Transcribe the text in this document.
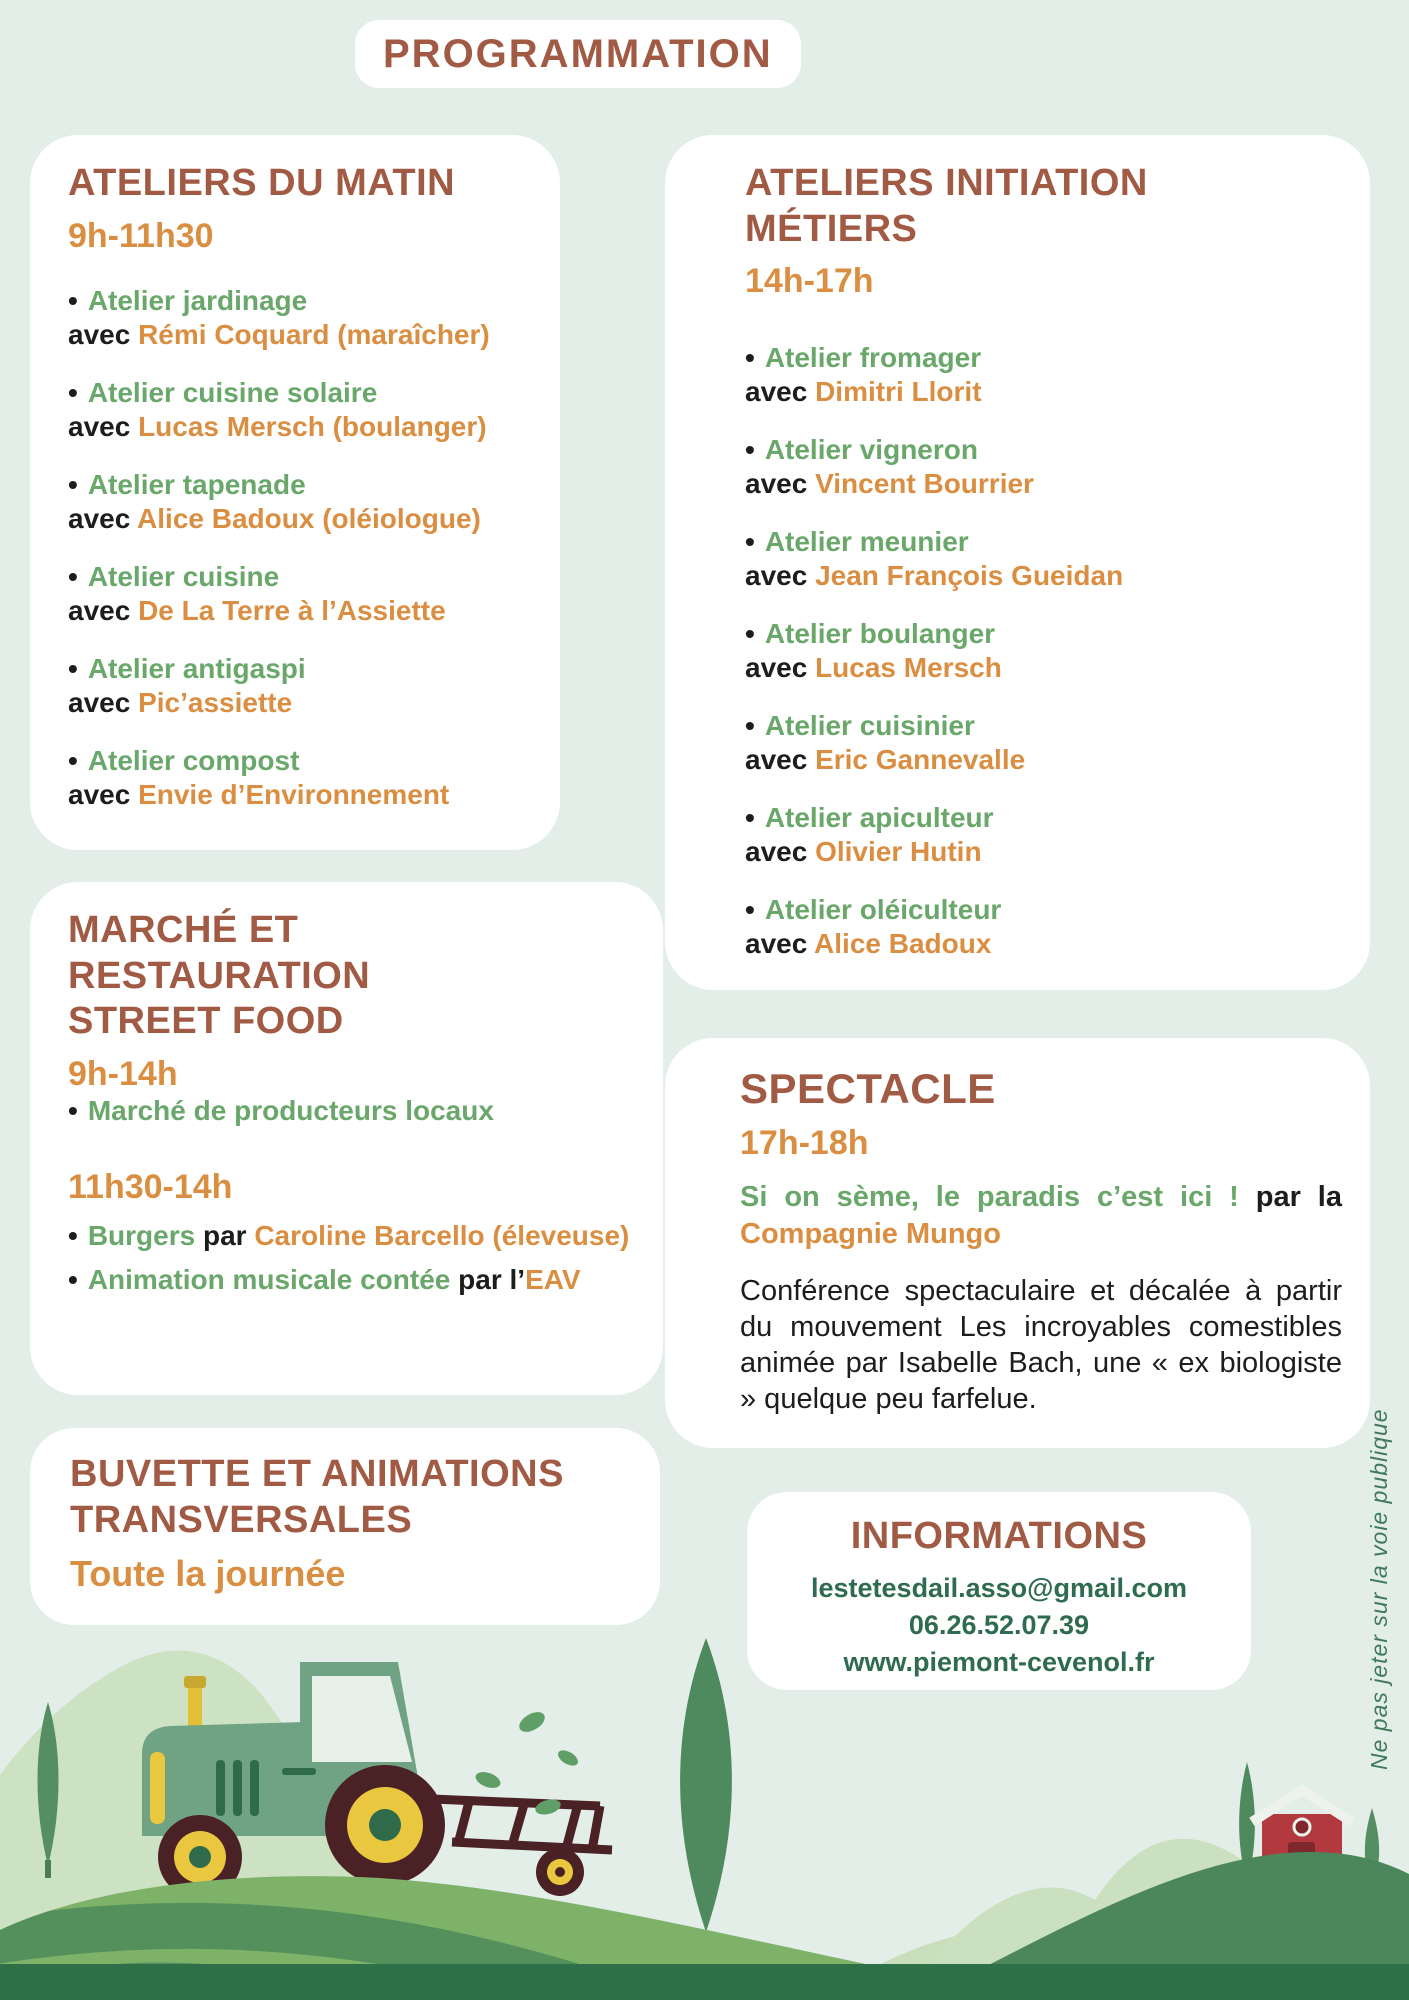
PROGRAMMATION
ATELIERS DU MATIN
9h-11h30
• Atelier jardinage
avec Rémi Coquard (maraîcher)
• Atelier cuisine solaire
avec Lucas Mersch (boulanger)
• Atelier tapenade
avec Alice Badoux (oléiologue)
• Atelier cuisine
avec De La Terre à l’Assiette
• Atelier antigaspi
avec Pic’assiette
• Atelier compost
avec Envie d’Environnement
ATELIERS INITIATION MÉTIERS
14h-17h
• Atelier fromager
avec Dimitri Llorit
• Atelier vigneron
avec Vincent Bourrier
• Atelier meunier
avec Jean François Gueidan
• Atelier boulanger
avec Lucas Mersch
• Atelier cuisinier
avec Eric Gannevalle
• Atelier apiculteur
avec Olivier Hutin
• Atelier oléiculteur
avec Alice Badoux
MARCHÉ ET RESTAURATION STREET FOOD
9h-14h
• Marché de producteurs locaux
11h30-14h
• Burgers par Caroline Barcello (éleveuse)
• Animation musicale contée par l’EAV
BUVETTE ET ANIMATIONS TRANSVERSALES
Toute la journée
SPECTACLE
17h-18h
Si on sème, le paradis c’est ici ! par la Compagnie Mungo
Conférence spectaculaire et décalée à partir du mouvement Les incroyables comestibles animée par Isabelle Bach, une « ex biologiste » quelque peu farfelue.
INFORMATIONS
lestetesdail.asso@gmail.com
06.26.52.07.39
www.piemont-cevenol.fr	Ne pas jeter sur la voie publique
